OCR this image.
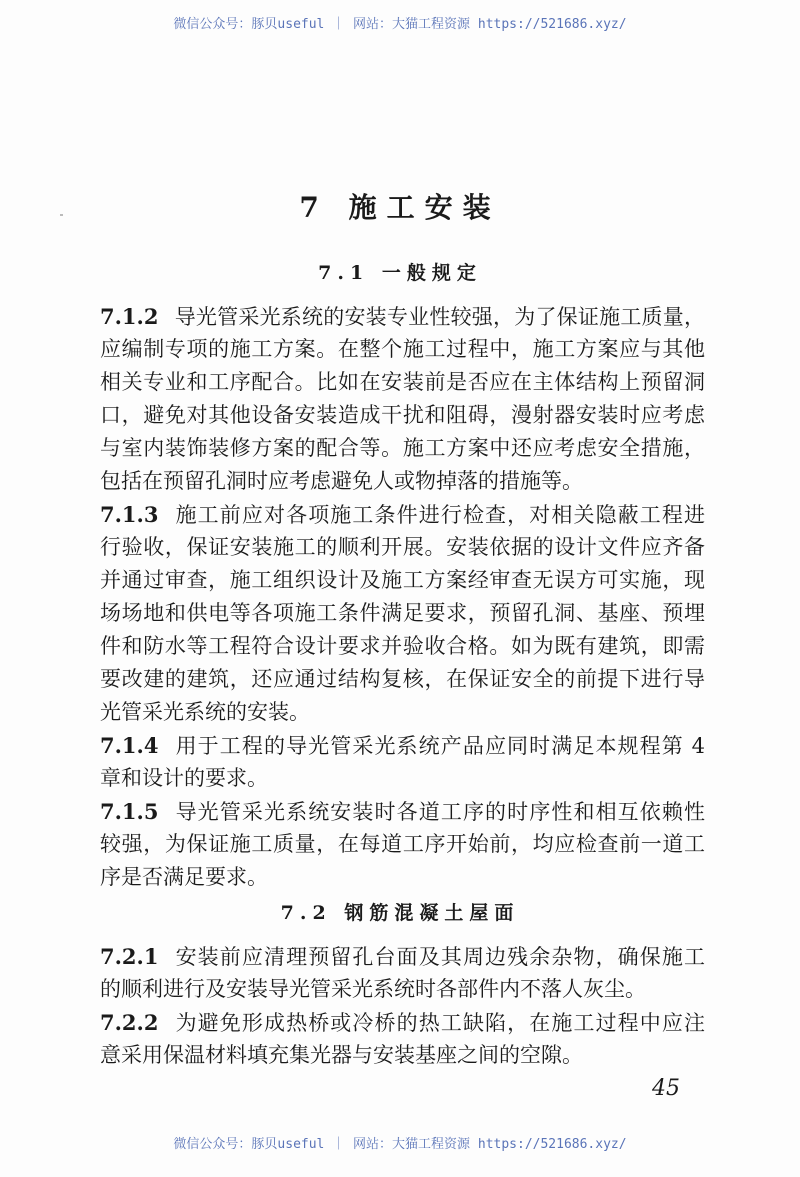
微信公众号：豚贝useful ｜ 网站：大猫工程资源 https://521686.xyz/
7 施工安装
7.1 一般规定
7.1.2 导光管采光系统的安装专业性较强，为了保证施工质量，
应编制专项的施工方案。在整个施工过程中，施工方案应与其他
相关专业和工序配合。比如在安装前是否应在主体结构上预留洞
口，避免对其他设备安装造成干扰和阻碍，漫射器安装时应考虑
与室内装饰装修方案的配合等。施工方案中还应考虑安全措施，
包括在预留孔洞时应考虑避免人或物掉落的措施等。
7.1.3 施工前应对各项施工条件进行检查，对相关隐蔽工程进
行验收，保证安装施工的顺利开展。安装依据的设计文件应齐备
并通过审查，施工组织设计及施工方案经审查无误方可实施，现
场场地和供电等各项施工条件满足要求，预留孔洞、基座、预埋
件和防水等工程符合设计要求并验收合格。如为既有建筑，即需
要改建的建筑，还应通过结构复核，在保证安全的前提下进行导
光管采光系统的安装。
7.1.4 用于工程的导光管采光系统产品应同时满足本规程第 4
章和设计的要求。
7.1.5 导光管采光系统安装时各道工序的时序性和相互依赖性
较强，为保证施工质量，在每道工序开始前，均应检查前一道工
序是否满足要求。
7.2 钢筋混凝土屋面
7.2.1 安装前应清理预留孔台面及其周边残余杂物，确保施工
的顺利进行及安装导光管采光系统时各部件内不落人灰尘。
7.2.2 为避免形成热桥或冷桥的热工缺陷，在施工过程中应注
意采用保温材料填充集光器与安装基座之间的空隙。
45
微信公众号：豚贝useful ｜ 网站：大猫工程资源 https://521686.xyz/
